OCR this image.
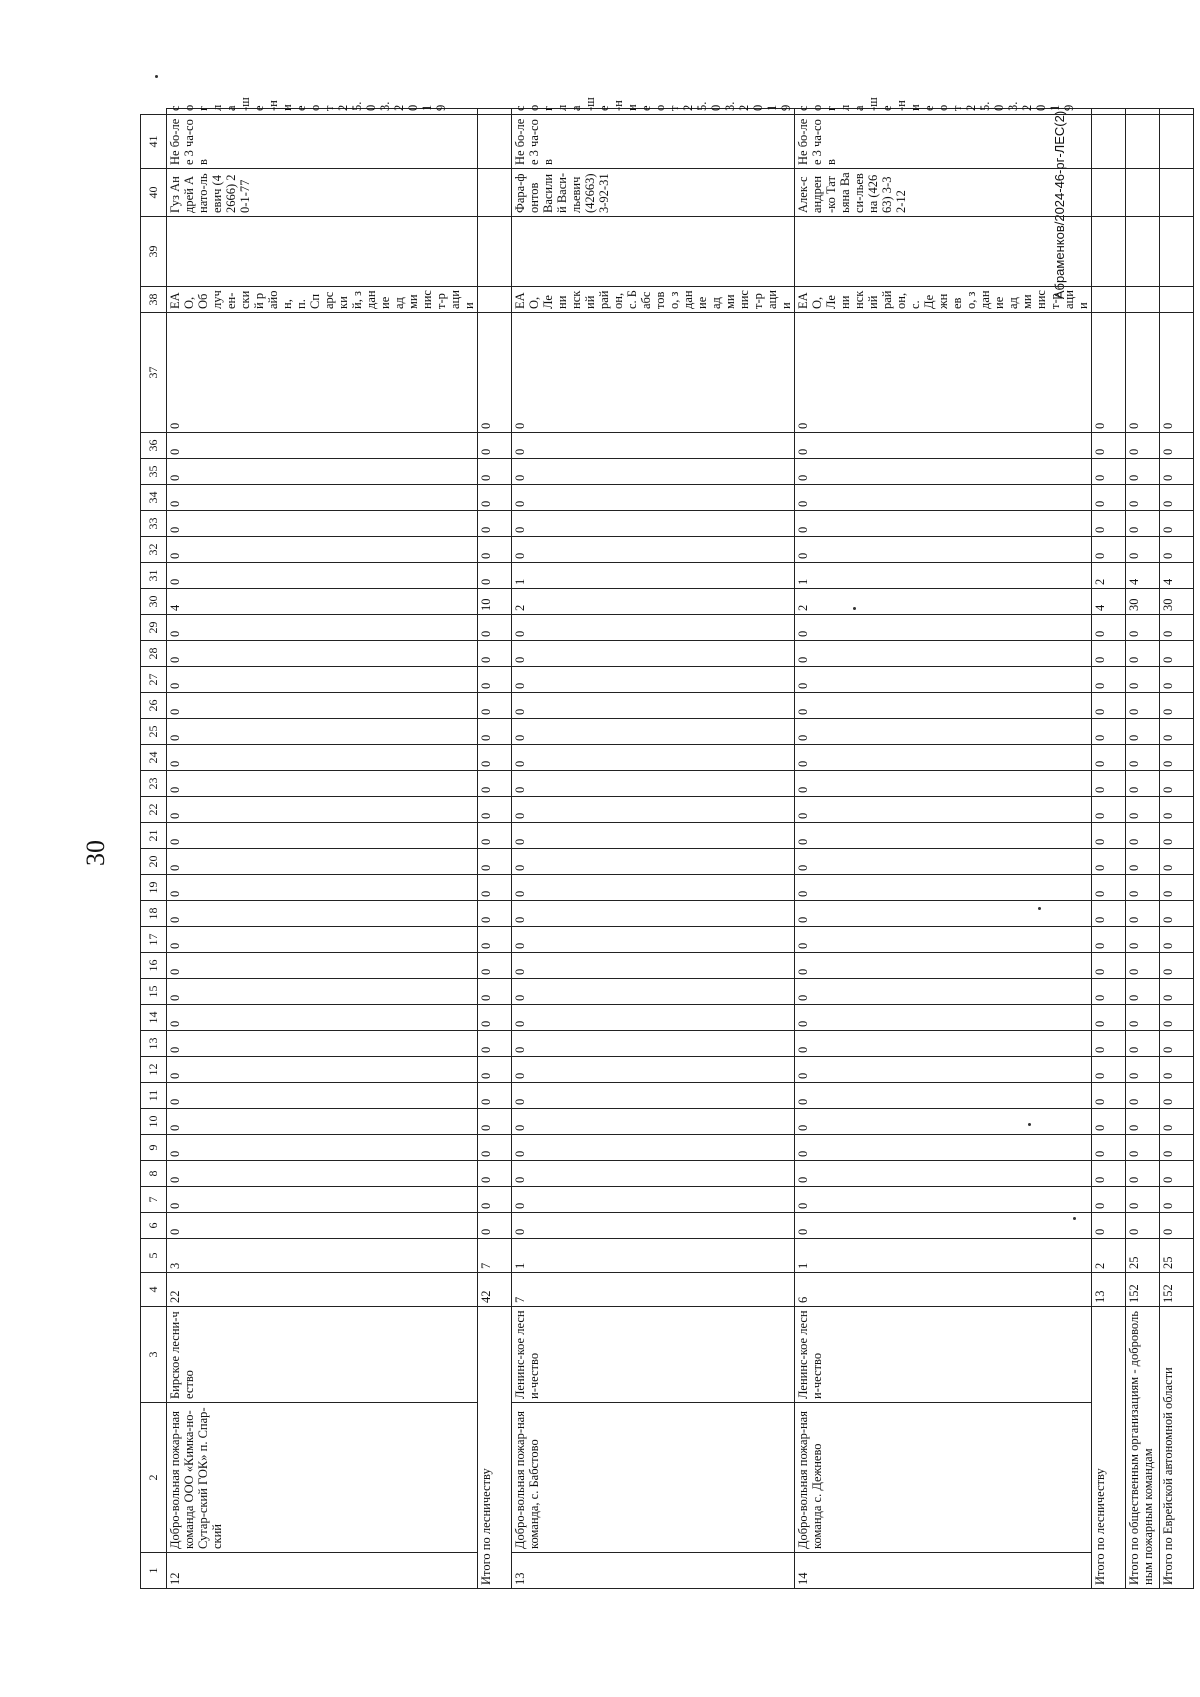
30
Абраменков/2024-46-рг-ЛЕС(2)
1	2	3	4	5	6	7	8	9	10	11	12	13	14	15	16	17	18	19	20	21	22	23	24	25	26	27	28	29	30	31	32	33	34	35	36	37	38	39	40	41	
12	Добро-вольная пожар-ная команда ООО «Кимка-но-Сутар-ский ГОК» п. Спар-ский	Бирское лесни-чество	22	3	0	0	0	0	0	0	0	0	0	0	0	0	0	0	0	0	0	0	0	0	0	0	0	0	4	0	0	0	0	0	0	0	ЕАО, Облучен-ский район, п. Спарский, здание админист-рации		Гуз Андрей Анато-льевич (42666) 20-1-77	Не бо-лее 3 ча-сов	согла-ше-ние от 25.03. 2019
Итого по лесничеству			42	7	0	0	0	0	0	0	0	0	0	0	0	0	0	0	0	0	0	0	0	0	0	0	0	0	10	0	0	0	0	0	0	0					
13	Добро-вольная пожар-ная команда, с. Бабстово	Ленинс-кое лесни-чество	7	1	0	0	0	0	0	0	0	0	0	0	0	0	0	0	0	0	0	0	0	0	0	0	0	0	2	1	0	0	0	0	0	0	ЕАО, Ленинский район, с. Бабстово, здание админист-рации		Фара-фонтов Василий Васи-льевич (42663) 3-92-31	Не бо-лее 3 ча-сов	согла-ше-ние от 25.03. 2019
14	Добро-вольная пожар-ная команда с. Дежнево	Ленинс-кое лесни-чество	6	1	0	0	0	0	0	0	0	0	0	0	0	0	0	0	0	0	0	0	0	0	0	0	0	0	2	1	0	0	0	0	0	0	ЕАО, Ленинский район, с. Дежнево, здание админист-рации		Алек-сандрен-ко Татьяна Васи-льевна (42663) 3-32-12	Не бо-лее 3 ча-сов	согла-ше-ние от 25.03. 2019
Итого по лесничеству			13	2	0	0	0	0	0	0	0	0	0	0	0	0	0	0	0	0	0	0	0	0	0	0	0	0	4	2	0	0	0	0	0	0					
Итого по общественным организациям - добровольным пожарным командам			152	25	0	0	0	0	0	0	0	0	0	0	0	0	0	0	0	0	0	0	0	0	0	0	0	0	30	4	0	0	0	0	0	0					
Итого по Еврейской автономной области			152	25	0	0	0	0	0	0	0	0	0	0	0	0	0	0	0	0	0	0	0	0	0	0	0	0	30	4	0	0	0	0	0	0					
